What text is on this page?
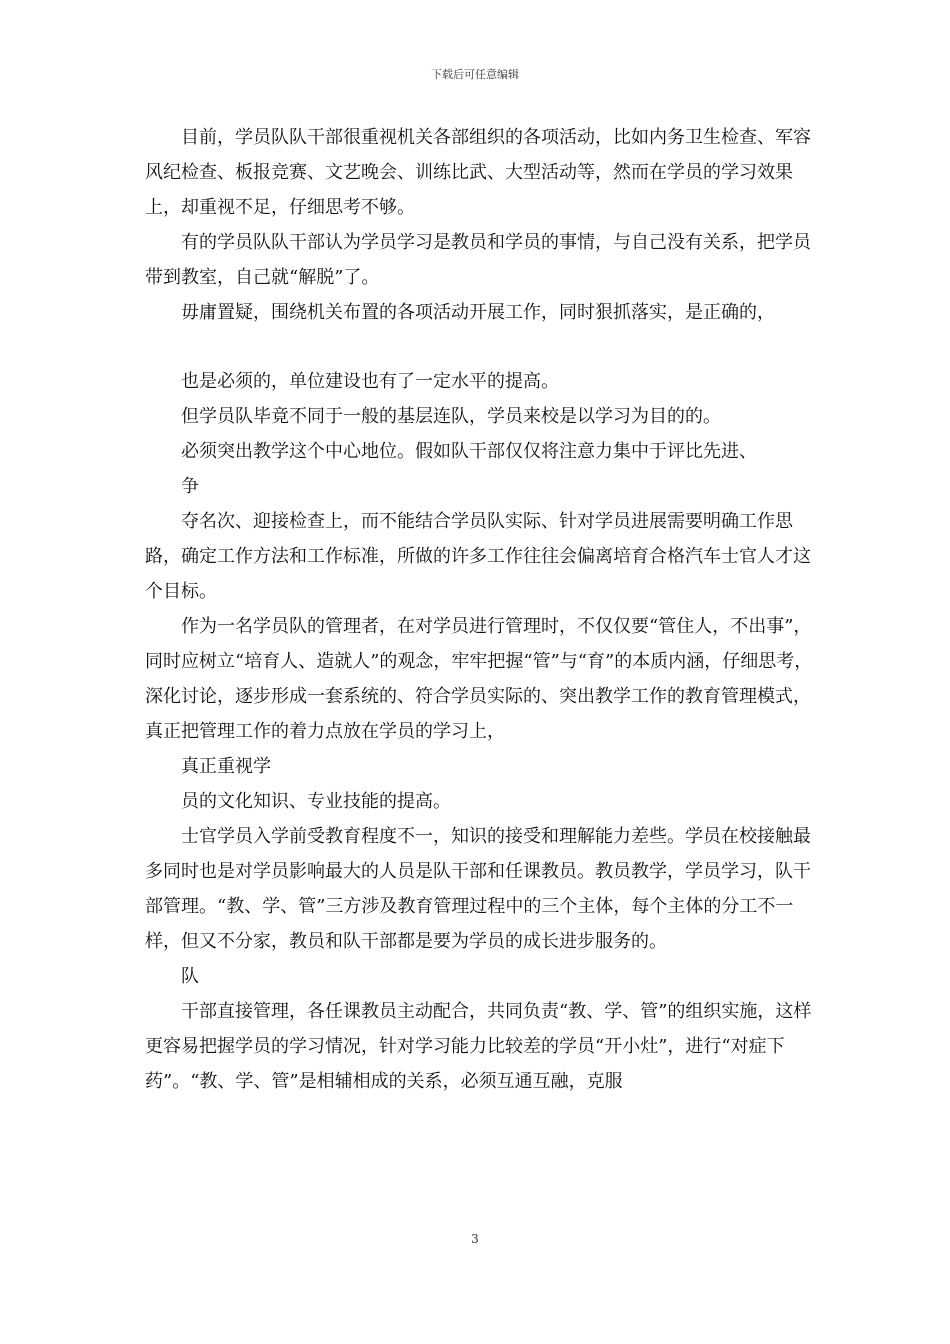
下载后可任意编辑

目前，学员队队干部很重视机关各部组织的各项活动，比如内务卫生检查、军容风纪检查、板报竞赛、文艺晚会、训练比武、大型活动等，然而在学员的学习效果上，却重视不足，仔细思考不够。

有的学员队队干部认为学员学习是教员和学员的事情，与自己没有关系，把学员带到教室，自己就“解脱”了。

毋庸置疑，围绕机关布置的各项活动开展工作，同时狠抓落实，是正确的，

也是必须的，单位建设也有了一定水平的提高。

但学员队毕竟不同于一般的基层连队，学员来校是以学习为目的的。

必须突出教学这个中心地位。假如队干部仅仅将注意力集中于评比先进、

争

夺名次、迎接检查上，而不能结合学员队实际、针对学员进展需要明确工作思路，确定工作方法和工作标准，所做的许多工作往往会偏离培育合格汽车士官人才这个目标。

作为一名学员队的管理者，在对学员进行管理时，不仅仅要“管住人，不出事”，同时应树立“培育人、造就人”的观念，牢牢把握“管”与“育”的本质内涵，仔细思考，深化讨论，逐步形成一套系统的、符合学员实际的、突出教学工作的教育管理模式，真正把管理工作的着力点放在学员的学习上，

真正重视学

员的文化知识、专业技能的提高。

士官学员入学前受教育程度不一，知识的接受和理解能力差些。学员在校接触最多同时也是对学员影响最大的人员是队干部和任课教员。教员教学，学员学习，队干部管理。“教、学、管”三方涉及教育管理过程中的三个主体，每个主体的分工不一样，但又不分家，教员和队干部都是要为学员的成长进步服务的。

队

干部直接管理，各任课教员主动配合，共同负责“教、学、管”的组织实施，这样更容易把握学员的学习情况，针对学习能力比较差的学员“开小灶”，进行“对症下药”。“教、学、管”是相辅相成的关系，必须互通互融，克服

3
